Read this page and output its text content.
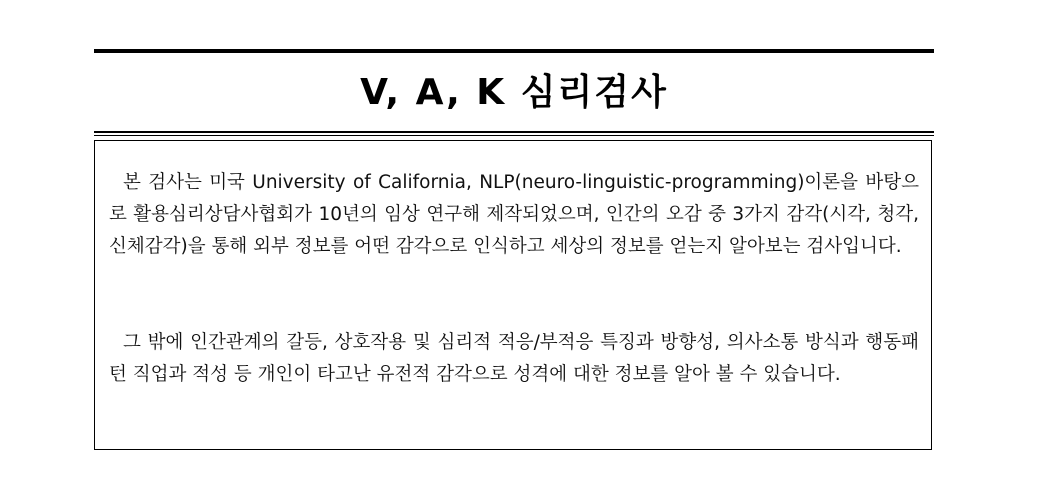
V, A, K 심리검사

본 검사는 미국 University of California, NLP(neuro-linguistic-programming)이론을 바탕으로 활용심리상담사협회가 10년의 임상 연구해 제작되었으며, 인간의 오감 중 3가지 감각(시각, 청각, 신체감각)을 통해 외부 정보를 어떤 감각으로 인식하고 세상의 정보를 얻는지 알아보는 검사입니다.

그 밖에 인간관계의 갈등, 상호작용 및 심리적 적응/부적응 특징과 방향성, 의사소통 방식과 행동패턴 직업과 적성 등 개인이 타고난 유전적 감각으로 성격에 대한 정보를 알아 볼 수 있습니다.
